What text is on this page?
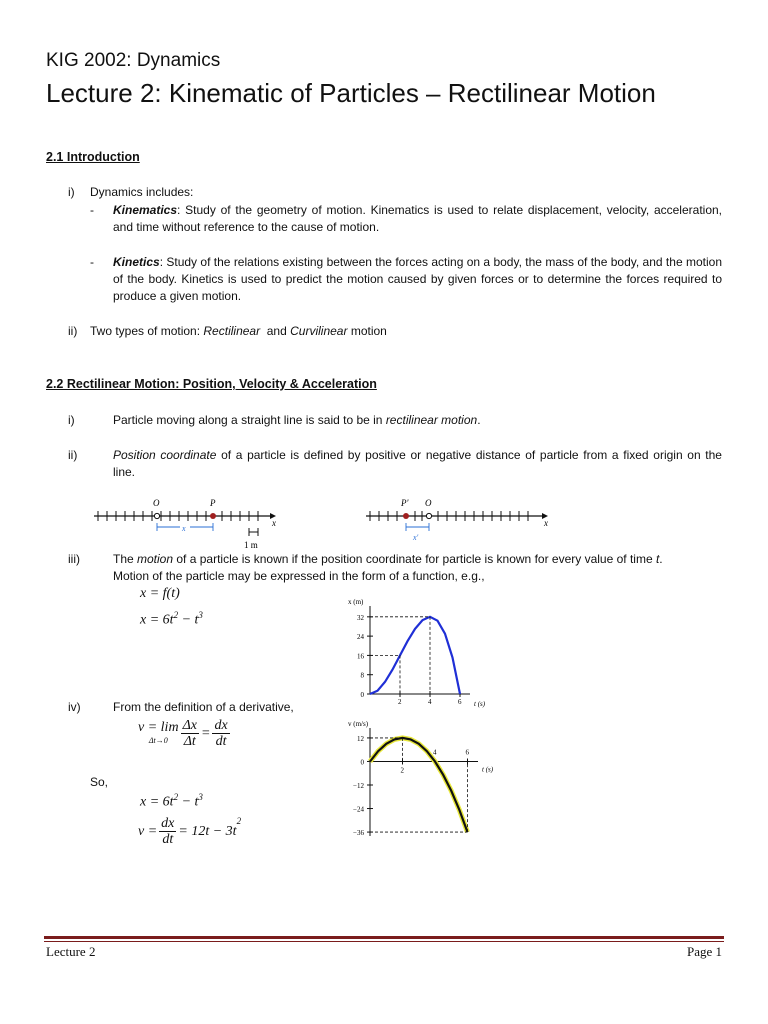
KIG 2002: Dynamics
Lecture 2: Kinematic of Particles – Rectilinear Motion
2.1 Introduction
i) Dynamics includes:
- Kinematics: Study of the geometry of motion. Kinematics is used to relate displacement, velocity, acceleration, and time without reference to the cause of motion.
- Kinetics: Study of the relations existing between the forces acting on a body, the mass of the body, and the motion of the body. Kinetics is used to predict the motion caused by given forces or to determine the forces required to produce a given motion.
ii) Two types of motion: Rectilinear  and Curvilinear motion
2.2 Rectilinear Motion: Position, Velocity & Acceleration
i)	Particle moving along a straight line is said to be in rectilinear motion.
ii)	Position coordinate of a particle is defined by positive or negative distance of particle from a fixed origin on the line.
O	P
x
x
1 m
P' O
x
x'
iii)	The motion of a particle is known if the position coordinate for particle is known for every value of time t.
Motion of the particle may be expressed in the form of a function, e.g.,
x = f(t)
$x = 6t^2 - t^3$
0
8
16
24
32
x (m)
t (s)
2	4	6
iv)	From the definition of a derivative,
v = lim
$\Delta t\to 0 \frac{\Delta x}{\Delta t} = \frac{dx}{dt}$
So,
$x = 6t^2 - t^3$
$v = \frac{dx}{dt} = 12t - 3t$
$^2$
12
0
−12
−24
−36
v (m/s)
t (s)
2
4	6
Lecture 2	Page 1
